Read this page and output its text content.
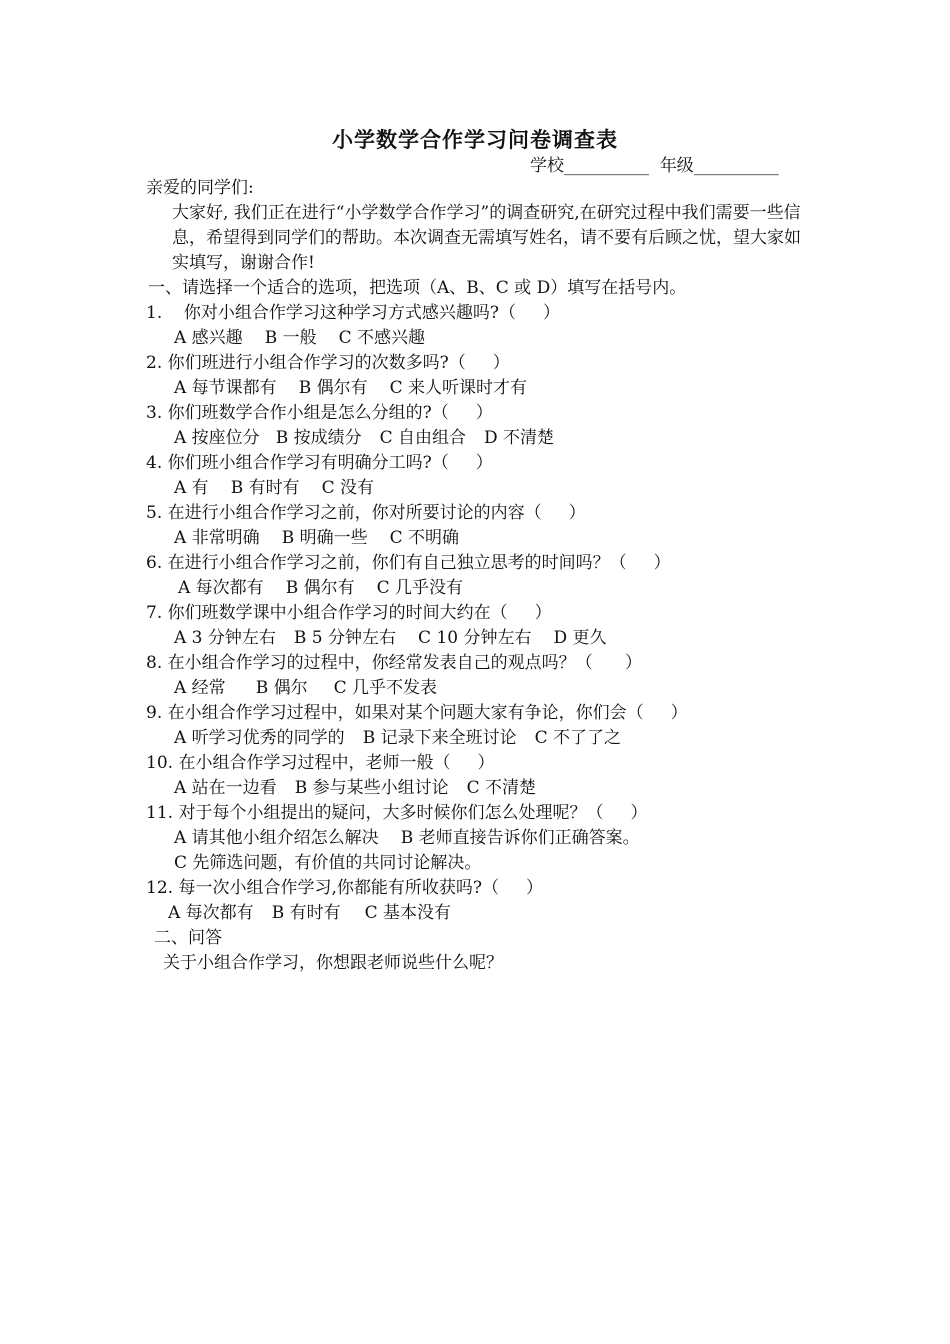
小学数学合作学习问卷调查表
学校__________ 年级__________
亲爱的同学们:
大家好, 我们正在进行“小学数学合作学习”的调查研究,在研究过程中我们需要一些信息，希望得到同学们的帮助。本次调查无需填写姓名，请不要有后顾之忧，望大家如实填写，谢谢合作!
一、请选择一个适合的选项，把选项（A、B、C 或 D）填写在括号内。
1.    你对小组合作学习这种学习方式感兴趣吗?（     ）
A 感兴趣 B 一般 C 不感兴趣
2. 你们班进行小组合作学习的次数多吗?（     ）
A 每节课都有 B 偶尔有 C 来人听课时才有
3. 你们班数学合作小组是怎么分组的?（     ）
A 按座位分 B 按成绩分 C 自由组合 D 不清楚
4. 你们班小组合作学习有明确分工吗?（     ）
A 有 B 有时有 C 没有
5. 在进行小组合作学习之前，你对所要讨论的内容（     ）
A 非常明确 B 明确一些 C 不明确
6. 在进行小组合作学习之前，你们有自己独立思考的时间吗？（     ）
A 每次都有 B 偶尔有 C 几乎没有
7. 你们班数学课中小组合作学习的时间大约在（     ）
A 3 分钟左右 B 5 分钟左右 C 10 分钟左右 D 更久
8. 在小组合作学习的过程中，你经常发表自己的观点吗？（      ）
A 经常 B 偶尔 C 几乎不发表
9. 在小组合作学习过程中，如果对某个问题大家有争论，你们会（     ）
A 听学习优秀的同学的 B 记录下来全班讨论 C 不了了之
10. 在小组合作学习过程中，老师一般（     ）
A 站在一边看 B 参与某些小组讨论 C 不清楚
11. 对于每个小组提出的疑问，大多时候你们怎么处理呢？（     ）
A 请其他小组介绍怎么解决 B 老师直接告诉你们正确答案。
C 先筛选问题，有价值的共同讨论解决。
12. 每一次小组合作学习,你都能有所收获吗?（     ）
A 每次都有 B 有时有 C 基本没有
二、问答
关于小组合作学习，你想跟老师说些什么呢？
